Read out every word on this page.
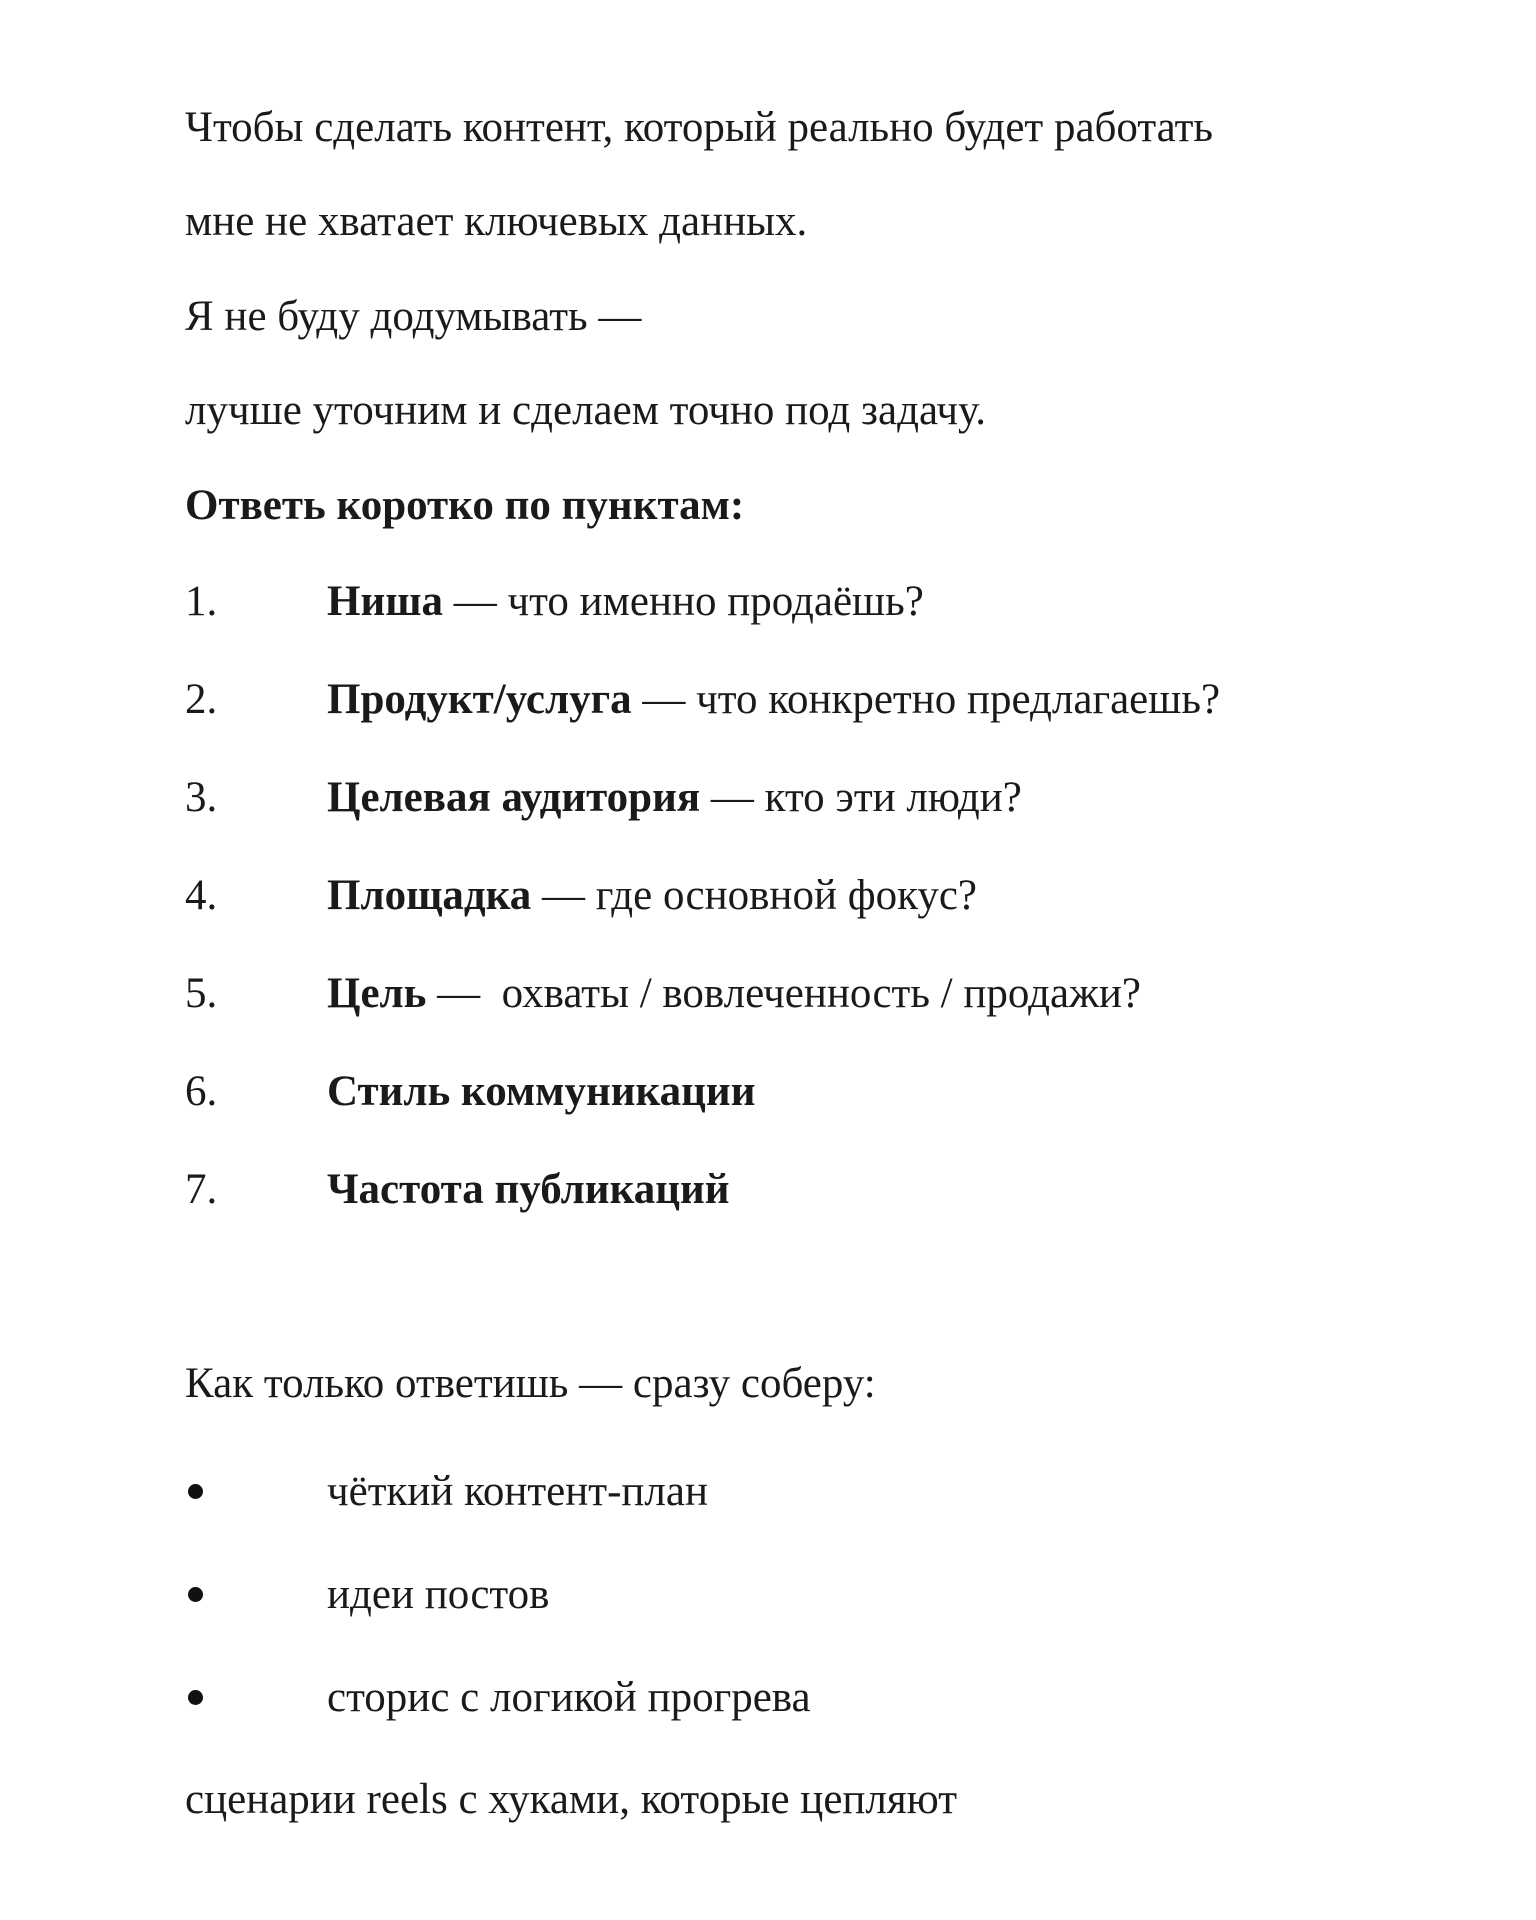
Чтобы сделать контент, который реально будет работать
мне не хватает ключевых данных.
Я не буду додумывать —
лучше уточним и сделаем точно под задачу.
Ответь коротко по пунктам:
1.	Ниша — что именно продаёшь?
2.	Продукт/услуга — что конкретно предлагаешь?
3.	Целевая аудитория — кто эти люди?
4.	Площадка — где основной фокус?
5.	Цель —  охваты / вовлеченность / продажи?
6.	Стиль коммуникации
7.	Частота публикаций
Как только ответишь — сразу соберу:
чёткий контент-план
идеи постов
сторис с логикой прогрева
сценарии reels с хуками, которые цепляют
